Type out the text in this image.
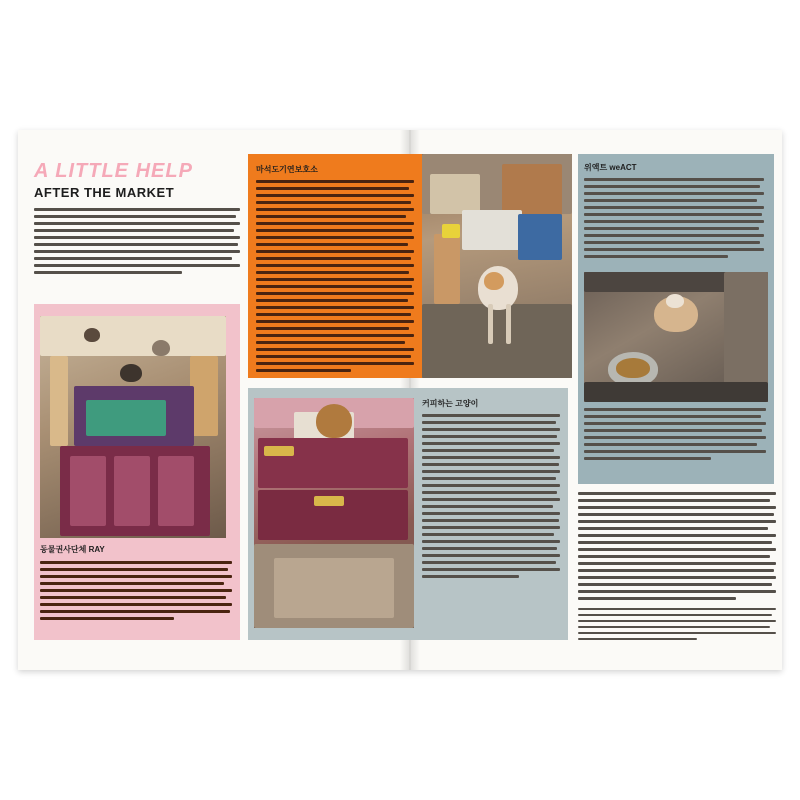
A LITTLE HELP
AFTER THE MARKET
동물권사단체 RAY
마석도기연보호소	위액트 weACT
커피하는 고양이
